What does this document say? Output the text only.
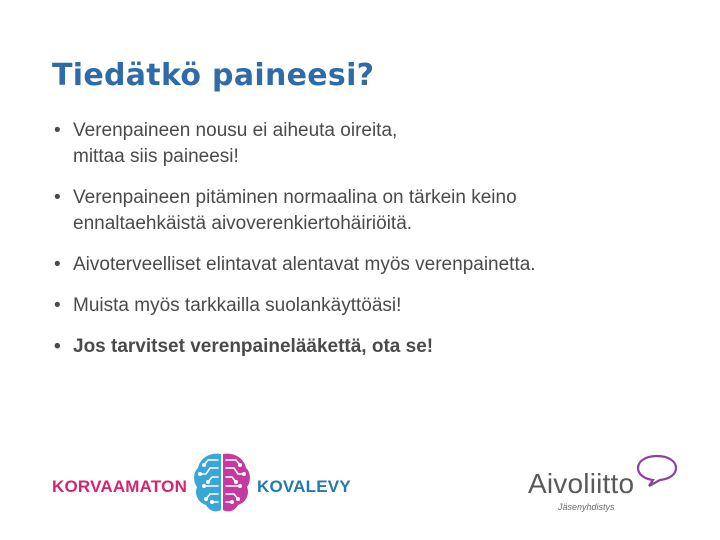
Tiedätkö paineesi?
• Verenpaineen nousu ei aiheuta oireita,
mittaa siis paineesi!
• Verenpaineen pitäminen normaalina on tärkein keino
ennaltaehkäistä aivoverenkiertohäiriöitä.
• Aivoterveelliset elintavat alentavat myös verenpainetta.
• Muista myös tarkkailla suolankäyttöäsi!
• Jos tarvitset verenpainelääkettä, ota se!
KORVAAMATON	KOVALEVY	Aivoliitto
Jäsenyhdistys
